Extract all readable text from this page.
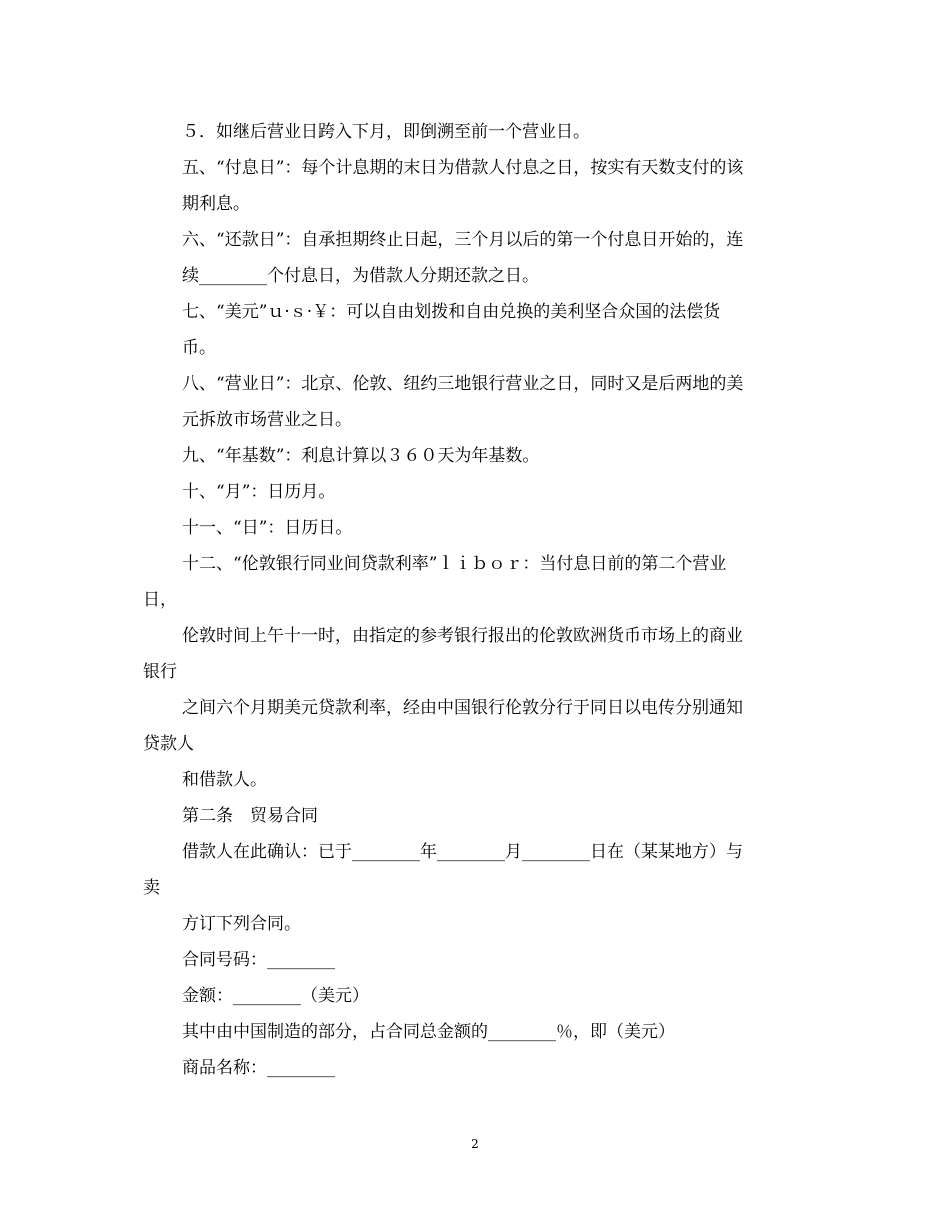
５．如继后营业日跨入下月，即倒溯至前一个营业日。
五、“付息日”：每个计息期的末日为借款人付息之日，按实有天数支付的该
期利息。
六、“还款日”：自承担期终止日起，三个月以后的第一个付息日开始的，连
续________个付息日，为借款人分期还款之日。
七、“美元”ｕ·ｓ·￥：可以自由划拨和自由兑换的美利坚合众国的法偿货
币。
八、“营业日”：北京、伦敦、纽约三地银行营业之日，同时又是后两地的美
元拆放市场营业之日。
九、“年基数”：利息计算以３６０天为年基数。
十、“月”：日历月。
十一、“日”：日历日。
十二、“伦敦银行同业间贷款利率”ｌｉｂｏｒ：当付息日前的第二个营业
日，
伦敦时间上午十一时，由指定的参考银行报出的伦敦欧洲货币市场上的商业
银行
之间六个月期美元贷款利率，经由中国银行伦敦分行于同日以电传分别通知
贷款人
和借款人。
第二条　贸易合同
借款人在此确认：已于________年________月________日在（某某地方）与
卖
方订下列合同。
合同号码：________
金额：________（美元）
其中由中国制造的部分，占合同总金额的________％，即（美元）
商品名称：________
2
